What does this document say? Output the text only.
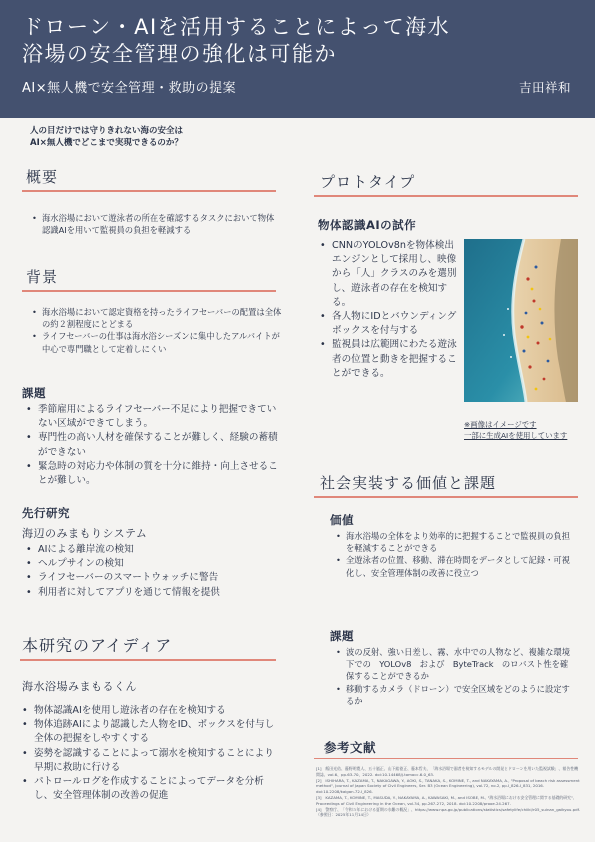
ドローン・AIを活用することによって海水
浴場の安全管理の強化は可能か
AI×無人機で安全管理・救助の提案	吉田祥和
人の目だけでは守りきれない海の安全は
AI×無人機でどこまで実現できるのか？
概要
• 海水浴場において遊泳者の所在を確認するタスクにおいて物体認識AIを用いて監視員の負担を軽減する
背景
• 海水浴場において認定資格を持ったライフセーバーの配置は全体の約２割程度にとどまる
• ライフセーバーの仕事は海水浴シーズンに集中したアルバイトが中心で専門職として定着しにくい
課題
• 季節雇用によるライフセーバー不足により把握できていない区域ができてしまう。
• 専門性の高い人材を確保することが難しく、経験の蓄積ができない
• 緊急時の対応力や体制の質を十分に維持・向上させることが難しい。
先行研究
海辺のみまもりシステム
• AIによる離岸流の検知
• ヘルプサインの検知
• ライフセーバーのスマートウォッチに警告
• 利用者に対してアプリを通じて情報を提供
本研究のアイディア
海水浴場みまもるくん
• 物体認識AIを使用し遊泳者の存在を検知する
• 物体追跡AIにより認識した人物をID、ボックスを付与し全体の把握をしやすくする
• 姿勢を認識することによって溺水を検知することにより早期に救助に行ける
• パトロールログを作成することによってデータを分析し、安全管理体制の改善の促進
プロトタイプ
物体認識AIの試作
• CNNのYOLOv8nを物体検出エンジンとして採用し、映像から「人」クラスのみを選別し、遊泳者の存在を検知する。
• 各人物にIDとバウンディングボックスを付与する
• 監視員は広範囲にわたる遊泳者の位置と動きを把握することができる。
※画像はイメージです
一部に生成AIを使用しています
社会実装する価値と課題
価値
• 海水浴場の全体をより効率的に把握することで監視員の負担を軽減することができる
• 全遊泳者の位置、移動、滞在時間をデータとして記録・可視化し、安全管理体制の改善に役立つ
課題
• 波の反射、強い日差し、霧、水中での人物など、複雑な環境下での　YOLOv8　および　ByteTrack　のロバスト性を確保することができるか
• 移動するカメラ（ドローン）で安全区域をどのように設定するか
参考文献
[1]　飯田光佑、藤野明寛人、五十嵐正、山下総徳正、藤本哲夫、「海水浴場で溺者を検知するモデルの開発とドローンを用いた監視試験」、報告性機関誌、vol.6、pp.63-70、2022. doi:10.14468/j.tomocc.6.0_63.
[2]　ISHIHARA, T., KAZAMA, T., NAKAGAWA, Y., AOKI, S., TANAKA, S., KOMINE, T., and NAKAYAMA, A., "Proposal of beach risk assessment method", Journal of Japan Society of Civil Engineers, Ser. B3 (Ocean Engineering), vol.72, no.2, pp.I_826-I_831, 2016. doi:10.2208/kaigan.72.I_826.
[3]　KAZAMA, T., KOMINE, T., MASUDA, Y., NAKAYAMA, A., KAWASAKI, M., and ISOBE, M., "海水浴場における安全管理に関する基礎的研究", Proceedings of Civil Engineering in the Ocean, vol.34, pp.267-272, 2018. doi:10.2208/prooe.24.267.
[4]　警察庁、「令和５年における夏期の水難の概況」、https://www.npa.go.jp/publications/statistics/safetylife/chiiki/r05_suinan_gaikyou.pdf.（参照日：2025年11月14日）
